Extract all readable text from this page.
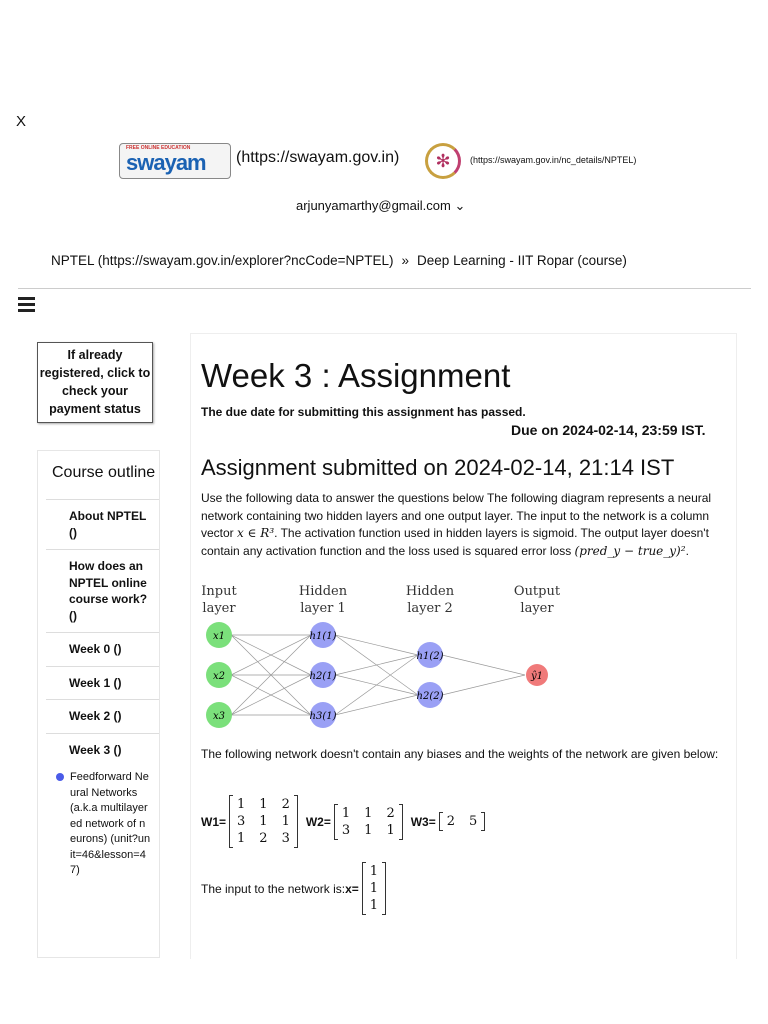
X
FREE ONLINE EDUCATION
swayam	(https://swayam.gov.in)	✻	(https://swayam.gov.in/nc_details/NPTEL)
arjunyamarthy@gmail.com ⌄
NPTEL (https://swayam.gov.in/explorer?ncCode=NPTEL) » Deep Learning - IIT Ropar (course)
If already registered, click to check your payment status
Course outline
About NPTEL ()
How does an NPTEL online course work? ()
Week 0 ()
Week 1 ()
Week 2 ()
Week 3 ()
Feedforward Neural Networks (a.k.a multilayered network of neurons) (unit?unit=46&lesson=47)
Week 3 : Assignment
The due date for submitting this assignment has passed.
Due on 2024-02-14, 23:59 IST.
Assignment submitted on 2024-02-14, 21:14 IST
Use the following data to answer the questions below The following diagram represents a neural network containing two hidden layers and one output layer. The input to the network is a column vector x ∈ R³. The activation function used in hidden layers is sigmoid. The output layer doesn't contain any activation function and the loss used is squared error loss (pred_y − true_y)².
x1
x2
x3
h1(1)
h2(1)
h3(1)
h1(2)
h2(2)
ŷ1
Input
layer
Hidden
layer 1
Hidden
layer 2
Output
layer
The following network doesn't contain any biases and the weights of the network are given below:
W1=
1 1 2
3 1 1
1 2 3
W2=
1 1 2
3 1 1
W3= 2 5
The input to the network is: x=
1
1
1
